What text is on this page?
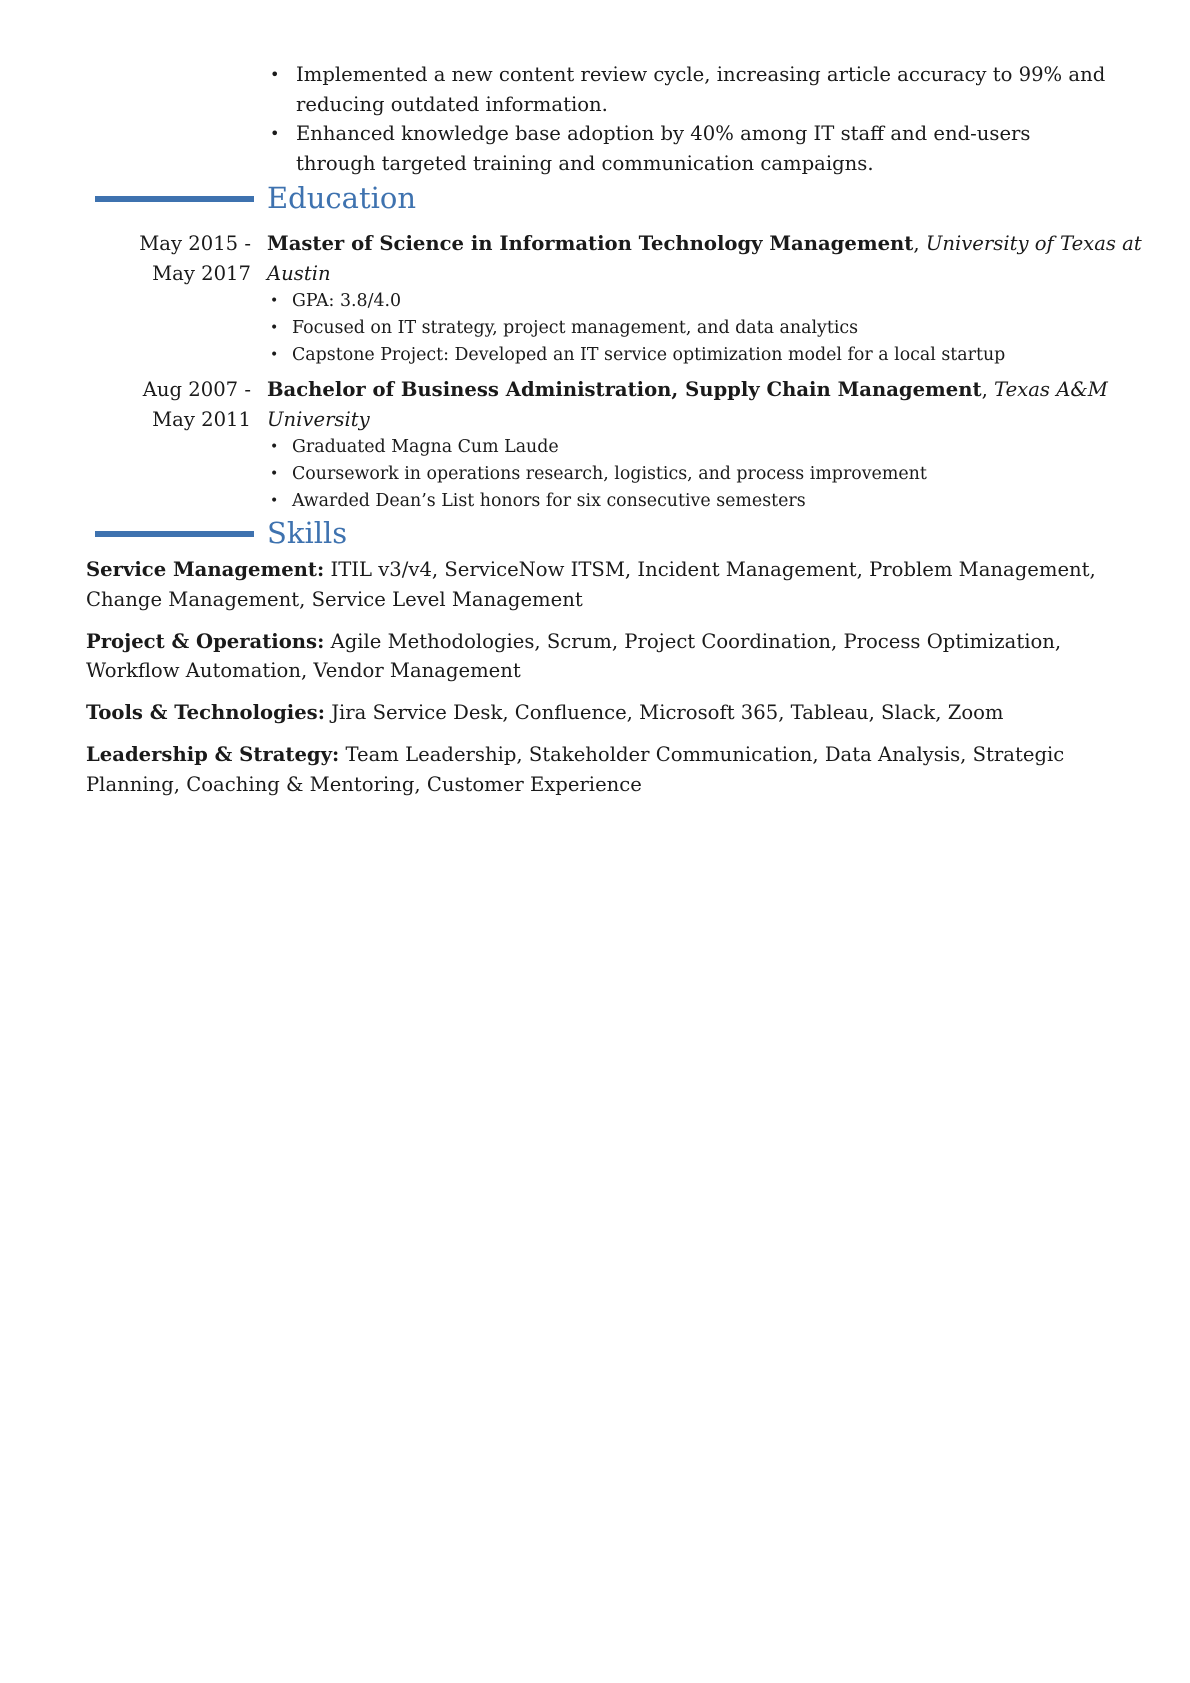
• Implemented a new content review cycle, increasing article accuracy to 99% and reducing outdated information.
• Enhanced knowledge base adoption by 40% among IT staff and end-users through targeted training and communication campaigns.
Education
May 2015 -
May 2017

Master of Science in Information Technology Management, University of Texas at Austin

• GPA: 3.8/4.0
• Focused on IT strategy, project management, and data analytics
• Capstone Project: Developed an IT service optimization model for a local startup
Aug 2007 -
May 2011

Bachelor of Business Administration, Supply Chain Management, Texas A&M University

• Graduated Magna Cum Laude
• Coursework in operations research, logistics, and process improvement
• Awarded Dean’s List honors for six consecutive semesters
Skills

Service Management: ITIL v3/v4, ServiceNow ITSM, Incident Management, Problem Management, Change Management, Service Level Management

Project & Operations: Agile Methodologies, Scrum, Project Coordination, Process Optimization, Workflow Automation, Vendor Management

Tools & Technologies: Jira Service Desk, Confluence, Microsoft 365, Tableau, Slack, Zoom

Leadership & Strategy: Team Leadership, Stakeholder Communication, Data Analysis, Strategic Planning, Coaching & Mentoring, Customer Experience
